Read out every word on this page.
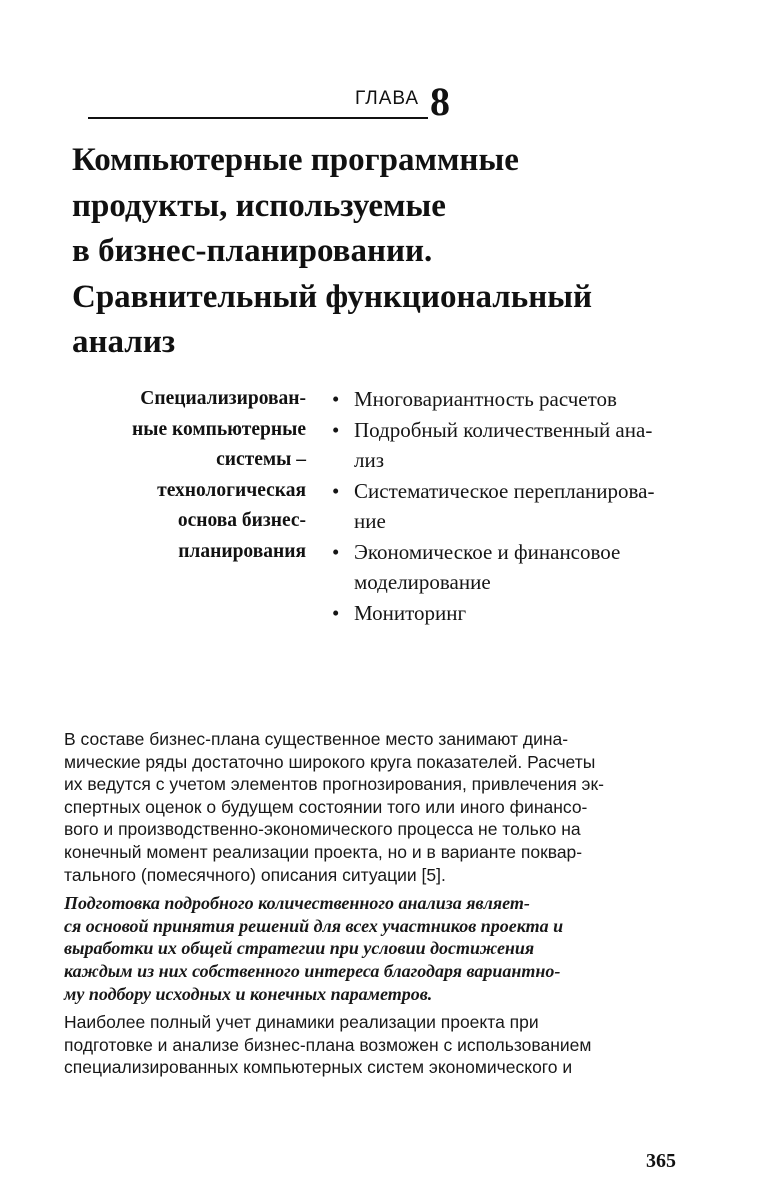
ГЛАВА 8
Компьютерные программные
продукты, используемые
в бизнес-планировании.
Сравнительный функциональный
анализ
Специализирован-
ные компьютерные
системы –
технологическая
основа бизнес-
планирования
• Многовариантность расчетов
• Подробный количественный ана-
лиз
• Систематическое перепланирова-
ние
• Экономическое и финансовое
моделирование
• Мониторинг
В составе бизнес-плана существенное место занимают дина-
мические ряды достаточно широкого круга показателей. Расчеты
их ведутся с учетом элементов прогнозирования, привлечения эк-
спертных оценок о будущем состоянии того или иного финансо-
вого и производственно-экономического процесса не только на
конечный момент реализации проекта, но и в варианте поквар-
тального (помесячного) описания ситуации [5].
Подготовка подробного количественного анализа являет-
ся основой принятия решений для всех участников проекта и
выработки их общей стратегии при условии достижения
каждым из них собственного интереса благодаря вариантно-
му подбору исходных и конечных параметров.
Наиболее полный учет динамики реализации проекта при
подготовке и анализе бизнес-плана возможен с использованием
специализированных компьютерных систем экономического и
365
